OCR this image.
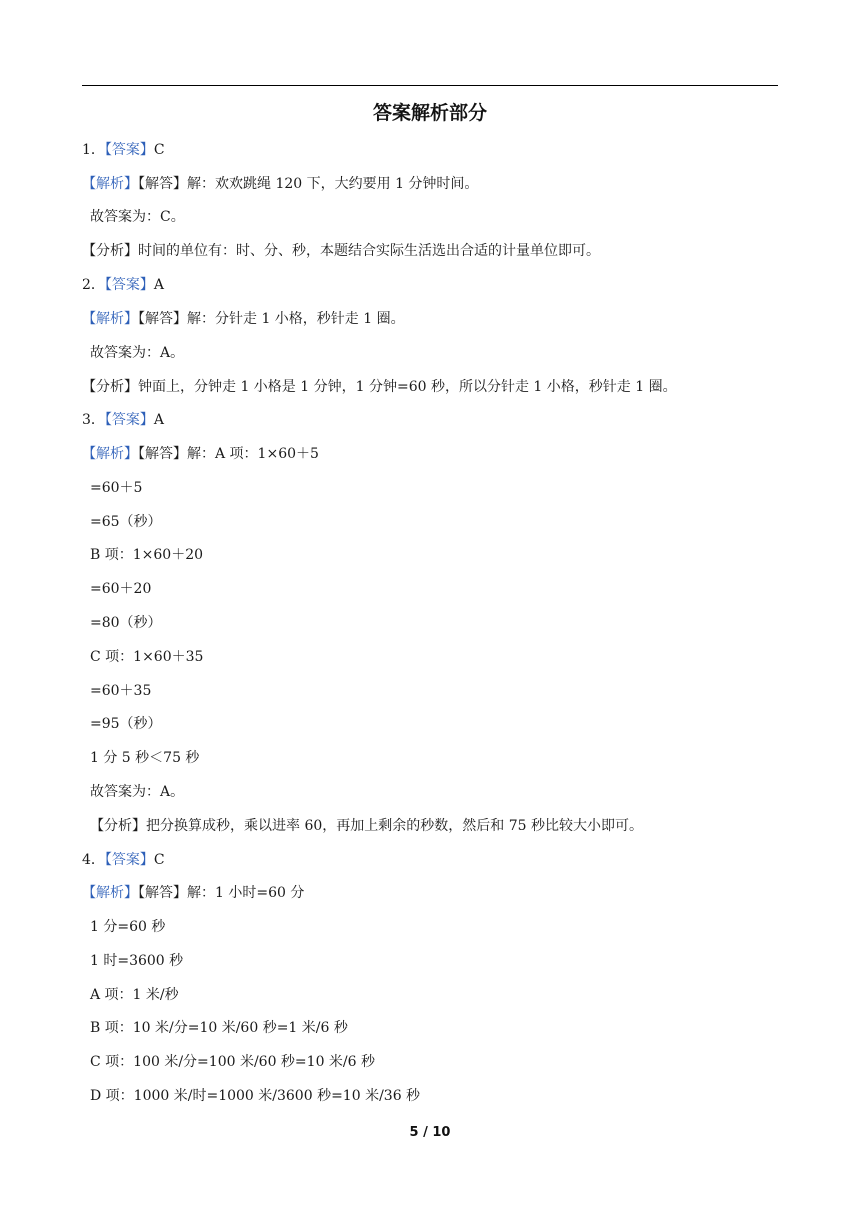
答案解析部分
1．【答案】C
【解析】【解答】解：欢欢跳绳 120 下，大约要用 1 分钟时间。
故答案为：C。
【分析】时间的单位有：时、分、秒，本题结合实际生活选出合适的计量单位即可。
2．【答案】A
【解析】【解答】解：分针走 1 小格，秒针走 1 圈。
故答案为：A。
【分析】钟面上，分钟走 1 小格是 1 分钟，1 分钟=60 秒，所以分针走 1 小格，秒针走 1 圈。
3．【答案】A
【解析】【解答】解：A 项：1×60＋5
=60＋5
=65（秒）
B 项：1×60＋20
=60＋20
=80（秒）
C 项：1×60＋35
=60＋35
=95（秒）
1 分 5 秒＜75 秒
故答案为：A。
【分析】把分换算成秒，乘以进率 60，再加上剩余的秒数，然后和 75 秒比较大小即可。
4．【答案】C
【解析】【解答】解：1 小时=60 分
1 分=60 秒
1 时=3600 秒
A 项：1 米/秒
B 项：10 米/分=10 米/60 秒=1 米/6 秒
C 项：100 米/分=100 米/60 秒=10 米/6 秒
D 项：1000 米/时=1000 米/3600 秒=10 米/36 秒
5 / 10
